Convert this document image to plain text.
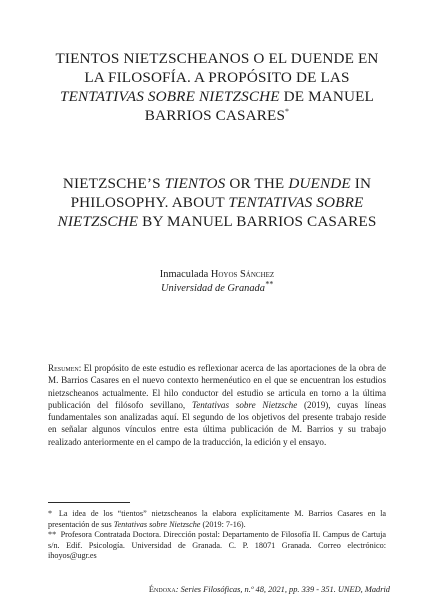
TIENTOS NIETZSCHEANOS O EL DUENDE EN LA FILOSOFÍA. A PROPÓSITO DE LAS TENTATIVAS SOBRE NIETZSCHE DE MANUEL BARRIOS CASARES*
NIETZSCHE’S TIENTOS OR THE DUENDE IN PHILOSOPHY. ABOUT TENTATIVAS SOBRE NIETZSCHE BY MANUEL BARRIOS CASARES
Inmaculada Hoyos Sánchez
Universidad de Granada**
Resumen: El propósito de este estudio es reflexionar acerca de las aportaciones de la obra de M. Barrios Casares en el nuevo contexto hermenéutico en el que se encuentran los estudios nietzscheanos actualmente. El hilo conductor del estudio se articula en torno a la última publicación del filósofo sevillano, Tentativas sobre Nietzsche (2019), cuyas líneas fundamentales son analizadas aquí. El segundo de los objetivos del presente trabajo reside en señalar algunos vínculos entre esta última publicación de M. Barrios y su trabajo realizado anteriormente en el campo de la traducción, la edición y el ensayo.

* La idea de los “tientos” nietzscheanos la elabora explícitamente M. Barrios Casares en la presentación de sus Tentativas sobre Nietzsche (2019: 7-16).

** Profesora Contratada Doctora. Dirección postal: Departamento de Filosofía II. Campus de Cartuja s/n. Edif. Psicología. Universidad de Granada. C. P. 18071 Granada. Correo electrónico: ihoyos@ugr.es

Éndoxa: Series Filosóficas, n.º 48, 2021, pp. 339 - 351. UNED, Madrid
